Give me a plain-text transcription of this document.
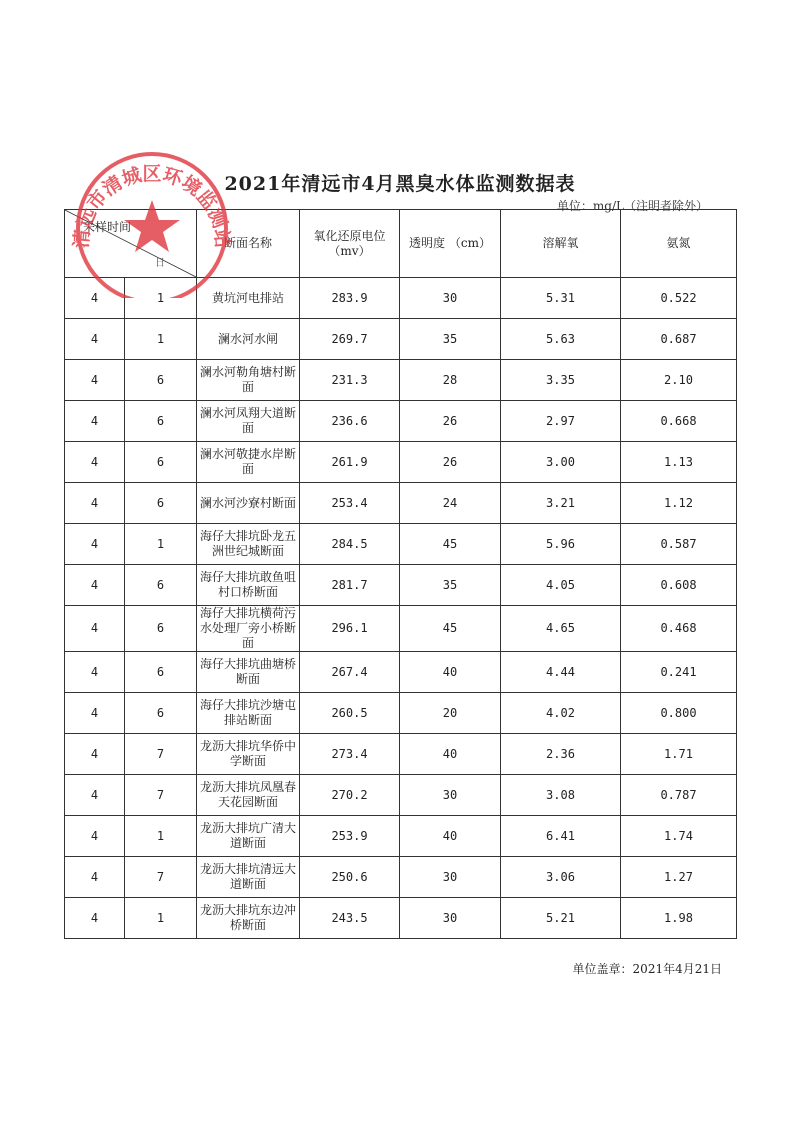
2021年清远市4月黑臭水体监测数据表
单位：mg/L（注明者除外）
采样时间
日		断面名称	氧化还原电位（mv）	透明度 （cm）	溶解氧	氨氮
4	1	黄坑河电排站	283.9	30	5.31	0.522
4	1	澜水河水闸	269.7	35	5.63	0.687
4	6	澜水河勒角塘村断面	231.3	28	3.35	2.10
4	6	澜水河凤翔大道断面	236.6	26	2.97	0.668
4	6	澜水河敬捷水岸断面	261.9	26	3.00	1.13
4	6	澜水河沙寮村断面	253.4	24	3.21	1.12
4	1	海仔大排坑卧龙五洲世纪城断面	284.5	45	5.96	0.587
4	6	海仔大排坑敢鱼咀村口桥断面	281.7	35	4.05	0.608
4	6	海仔大排坑横荷污水处理厂旁小桥断面	296.1	45	4.65	0.468
4	6	海仔大排坑曲塘桥断面	267.4	40	4.44	0.241
4	6	海仔大排坑沙塘屯排站断面	260.5	20	4.02	0.800
4	7	龙沥大排坑华侨中学断面	273.4	40	2.36	1.71
4	7	龙沥大排坑凤凰春天花园断面	270.2	30	3.08	0.787
4	1	龙沥大排坑广清大道断面	253.9	40	6.41	1.74
4	7	龙沥大排坑清远大道断面	250.6	30	3.06	1.27
4	1	龙沥大排坑东边冲桥断面	243.5	30	5.21	1.98
单位盖章：2021年4月21日
清远市清城区环境监测站
